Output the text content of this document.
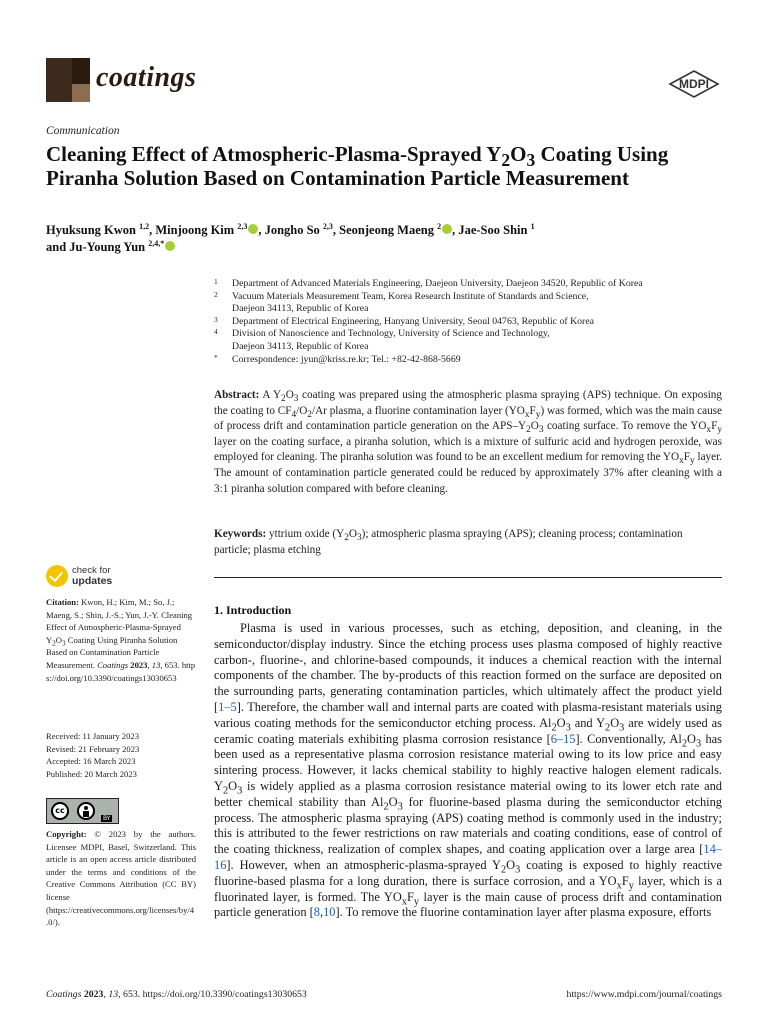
coatings	MDPI
Communication
Cleaning Effect of Atmospheric-Plasma-Sprayed $Y_2O_3$ Coating Using Piranha Solution Based on Contamination Particle Measurement
Hyuksung Kwon $^{1,2}$, Minjoong Kim $^{2,3}$ , Jongho So $^{2,3}$, Seonjeong Maeng $^2$ , Jae-Soo Shin $^1$
and Ju-Young Yun $^{2,4,*}$
1 Department of Advanced Materials Engineering, Daejeon University, Daejeon 34520, Republic of Korea
2 Vacuum Materials Measurement Team, Korea Research Institute of Standards and Science,
Daejeon 34113, Republic of Korea
3 Department of Electrical Engineering, Hanyang University, Seoul 04763, Republic of Korea
4 Division of Nanoscience and Technology, University of Science and Technology,
Daejeon 34113, Republic of Korea
* Correspondence: jyun@kriss.re.kr; Tel.: +82-42-868-5669
Abstract: A $Y_2O_3$ coating was prepared using the atmospheric plasma spraying (APS) technique. On exposing the coating to $CF_4/O_2/Ar$ plasma, a fluorine contamination layer $(YO_xF_y)$ was formed, which was the main cause of process drift and contamination particle generation on the APS–$Y_2O_3$ coating surface. To remove the $YO_xF_y$ layer on the coating surface, a piranha solution, which is a mixture of sulfuric acid and hydrogen peroxide, was employed for cleaning. The piranha solution was found to be an excellent medium for removing the $YO_xF_y$ layer. The amount of contamination particle generated could be reduced by approximately 37% after cleaning with a 3:1 piranha solution compared with before cleaning.
Keywords: yttrium oxide $(Y_2O_3)$; atmospheric plasma spraying (APS); cleaning process; contamination particle; plasma etching
check for
updates
Citation: Kwon, H.; Kim, M.; So, J.; Maeng, S.; Shin, J.-S.; Yun, J.-Y. Cleaning Effect of Atmospheric-Plasma-Sprayed $Y_2O_3$ Coating Using Piranha Solution Based on Contamination Particle Measurement. Coatings 2023, 13, 653. https://doi.org/10.3390/coatings13030653
Received: 11 January 2023
Revised: 21 February 2023
Accepted: 16 March 2023
Published: 20 March 2023
cc
BY
Copyright: © 2023 by the authors. Licensee MDPI, Basel, Switzerland. This article is an open access article distributed under the terms and conditions of the Creative Commons Attribution (CC BY) license (https://creativecommons.org/licenses/by/4.0/).
1. Introduction
Plasma is used in various processes, such as etching, deposition, and cleaning, in the semiconductor/display industry. Since the etching process uses plasma composed of highly reactive carbon-, fluorine-, and chlorine-based compounds, it induces a chemical reaction with the internal components of the chamber. The by-products of this reaction formed on the surface are deposited on the surrounding parts, generating contamination particles, which ultimately affect the product yield [1–5]. Therefore, the chamber wall and internal parts are coated with plasma-resistant materials using various coating methods for the semiconductor etching process. $Al_2O_3$ and $Y_2O_3$ are widely used as ceramic coating materials exhibiting plasma corrosion resistance [6–15]. Conventionally, $Al_2O_3$ has been used as a representative plasma corrosion resistance material owing to its low price and easy sintering process. However, it lacks chemical stability to highly reactive halogen element radicals. $Y_2O_3$ is widely applied as a plasma corrosion resistance material owing to its lower etch rate and better chemical stability than $Al_2O_3$ for fluorine-based plasma during the semiconductor etching process. The atmospheric plasma spraying (APS) coating method is commonly used in the industry; this is attributed to the fewer restrictions on raw materials and coating conditions, ease of control of the coating thickness, realization of complex shapes, and coating application over a large area [14–16]. However, when an atmospheric-plasma-sprayed $Y_2O_3$ coating is exposed to highly reactive fluorine-based plasma for a long duration, there is surface corrosion, and a $YO_xF_y$ layer, which is a fluorinated layer, is formed. The $YO_xF_y$ layer is the main cause of process drift and contamination particle generation [8,10]. To remove the fluorine contamination layer after plasma exposure, efforts
Coatings 2023, 13, 653. https://doi.org/10.3390/coatings13030653	https://www.mdpi.com/journal/coatings
